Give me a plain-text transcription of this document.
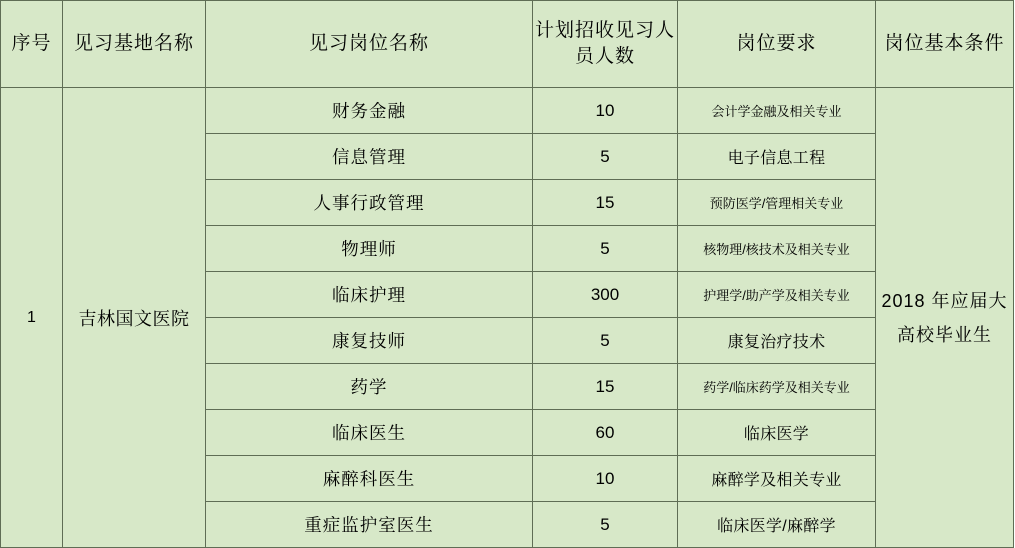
序号	见习基地名称	见习岗位名称	计划招收见习人员人数	岗位要求	岗位基本条件
1	吉林国文医院	财务金融	10	会计学金融及相关专业	2018 年应届大高校毕业生
		信息管理	5	电子信息工程	
		人事行政管理	15	预防医学/管理相关专业	
		物理师	5	核物理/核技术及相关专业	
		临床护理	300	护理学/助产学及相关专业	
		康复技师	5	康复治疗技术	
		药学	15	药学/临床药学及相关专业	
		临床医生	60	临床医学	
		麻醉科医生	10	麻醉学及相关专业	
		重症监护室医生	5	临床医学/麻醉学	
